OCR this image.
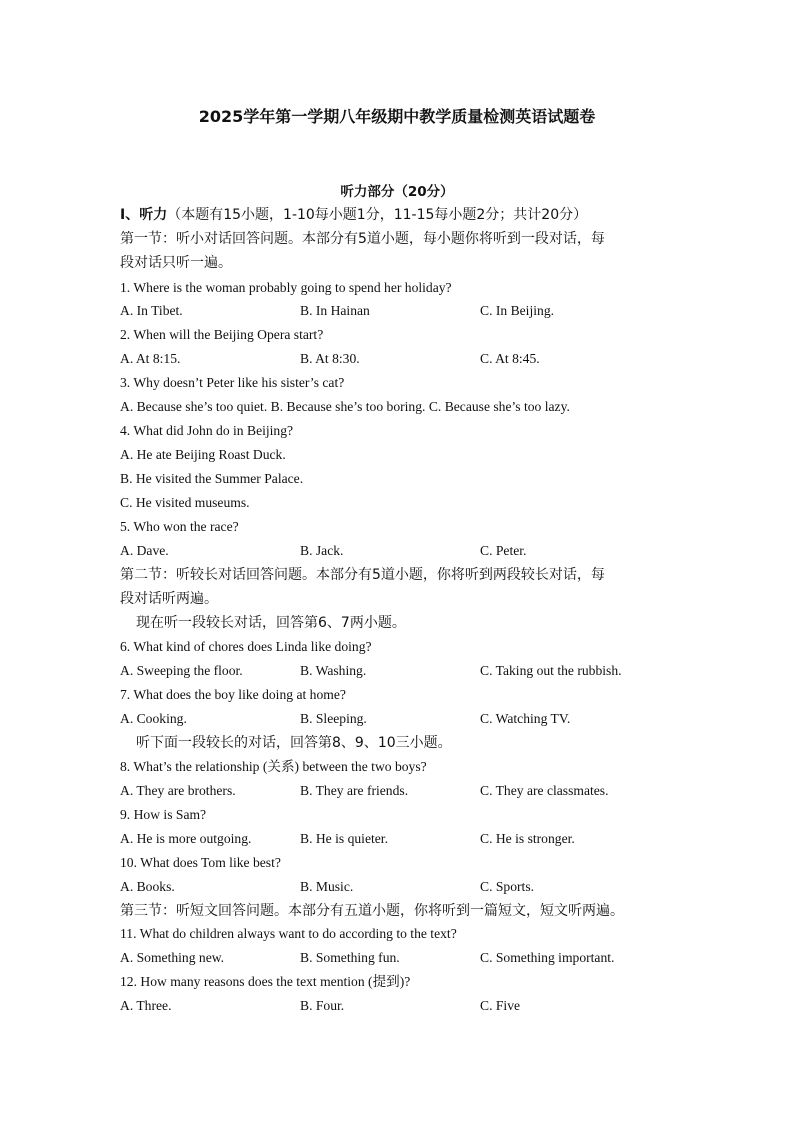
2025学年第一学期八年级期中教学质量检测英语试题卷
听力部分（20分）
Ⅰ、听力（本题有15小题，1-10每小题1分，11-15每小题2分；共计20分）
第一节：听小对话回答问题。本部分有5道小题，每小题你将听到一段对话，每
段对话只听一遍。
1. Where is the woman probably going to spend her holiday?
A. In Tibet.	B. In Hainan	C. In Beijing.
2. When will the Beijing Opera start?
A. At 8:15.	B. At 8:30.	C. At 8:45.
3. Why doesn’t Peter like his sister’s cat?
A. Because she’s too quiet. B. Because she’s too boring. C. Because she’s too lazy.
4. What did John do in Beijing?
A. He ate Beijing Roast Duck.
B. He visited the Summer Palace.
C. He visited museums.
5. Who won the race?
A. Dave.	B. Jack.	C. Peter.
第二节：听较长对话回答问题。本部分有5道小题，你将听到两段较长对话，每
段对话听两遍。
现在听一段较长对话，回答第6、7两小题。
6. What kind of chores does Linda like doing?
A. Sweeping the floor.	B. Washing.	C. Taking out the rubbish.
7. What does the boy like doing at home?
A. Cooking.	B. Sleeping.	C. Watching TV.
听下面一段较长的对话，回答第8、9、10三小题。
8. What’s the relationship (关系) between the two boys?
A. They are brothers.	B. They are friends.	C. They are classmates.
9. How is Sam?
A. He is more outgoing.	B. He is quieter.	C. He is stronger.
10. What does Tom like best?
A. Books.	B. Music.	C. Sports.
第三节：听短文回答问题。本部分有五道小题，你将听到一篇短文，短文听两遍。
11. What do children always want to do according to the text?
A. Something new.	B. Something fun.	C. Something important.
12. How many reasons does the text mention (提到)?
A. Three.	B. Four.	C. Five
